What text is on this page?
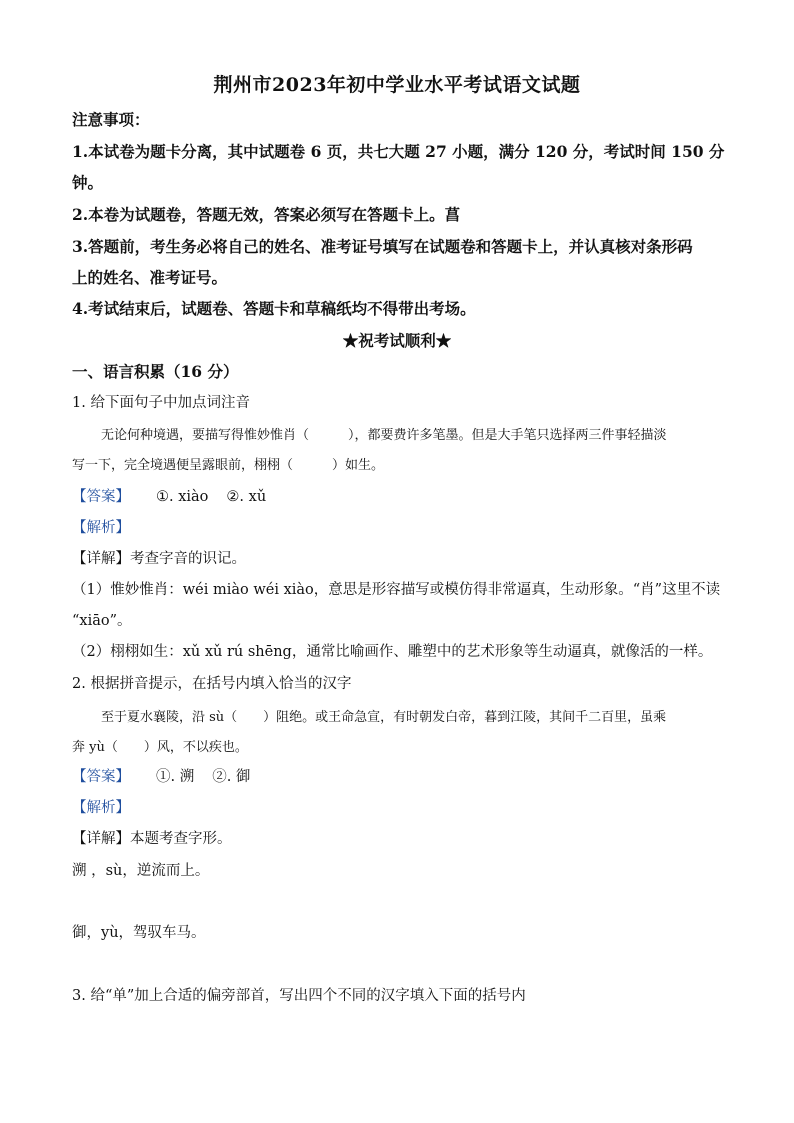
荆州市2023年初中学业水平考试语文试题
注意事项：
1.本试卷为题卡分离，其中试题卷 6 页，共七大题 27 小题，满分 120 分，考试时间 150 分
钟。
2.本卷为试题卷，答题无效，答案必须写在答题卡上。菖
3.答题前，考生务必将自己的姓名、准考证号填写在试题卷和答题卡上，并认真核对条形码
上的姓名、准考证号。
4.考试结束后，试题卷、答题卡和草稿纸均不得带出考场。
★祝考试顺利★
一、语言积累（16 分）
1. 给下面句子中加点词注音
无论何种境遇，要描写得惟妙惟肖（　　　），都要费许多笔墨。但是大手笔只选择两三件事轻描淡
写一下，完全境遇便呈露眼前，栩栩（　　　）如生。
【答案】 ①. xiào ②. xǔ
【解析】
【详解】考查字音的识记。
（1）惟妙惟肖：wéi miào wéi xiào，意思是形容描写或模仿得非常逼真，生动形象。“肖”这里不读
“xiāo”。
（2）栩栩如生：xǔ xǔ rú shēng，通常比喻画作、雕塑中的艺术形象等生动逼真，就像活的一样。
2. 根据拼音提示，在括号内填入恰当的汉字
至于夏水襄陵，沿 sù（　　）阻绝。或王命急宣，有时朝发白帝，暮到江陵，其间千二百里，虽乘
奔 yù（　　）风，不以疾也。
【答案】 ①. 溯 ②. 御
【解析】
【详解】本题考查字形。
溯 ，sù，逆流而上。
御，yù，驾驭车马。
3. 给“单”加上合适的偏旁部首，写出四个不同的汉字填入下面的括号内
